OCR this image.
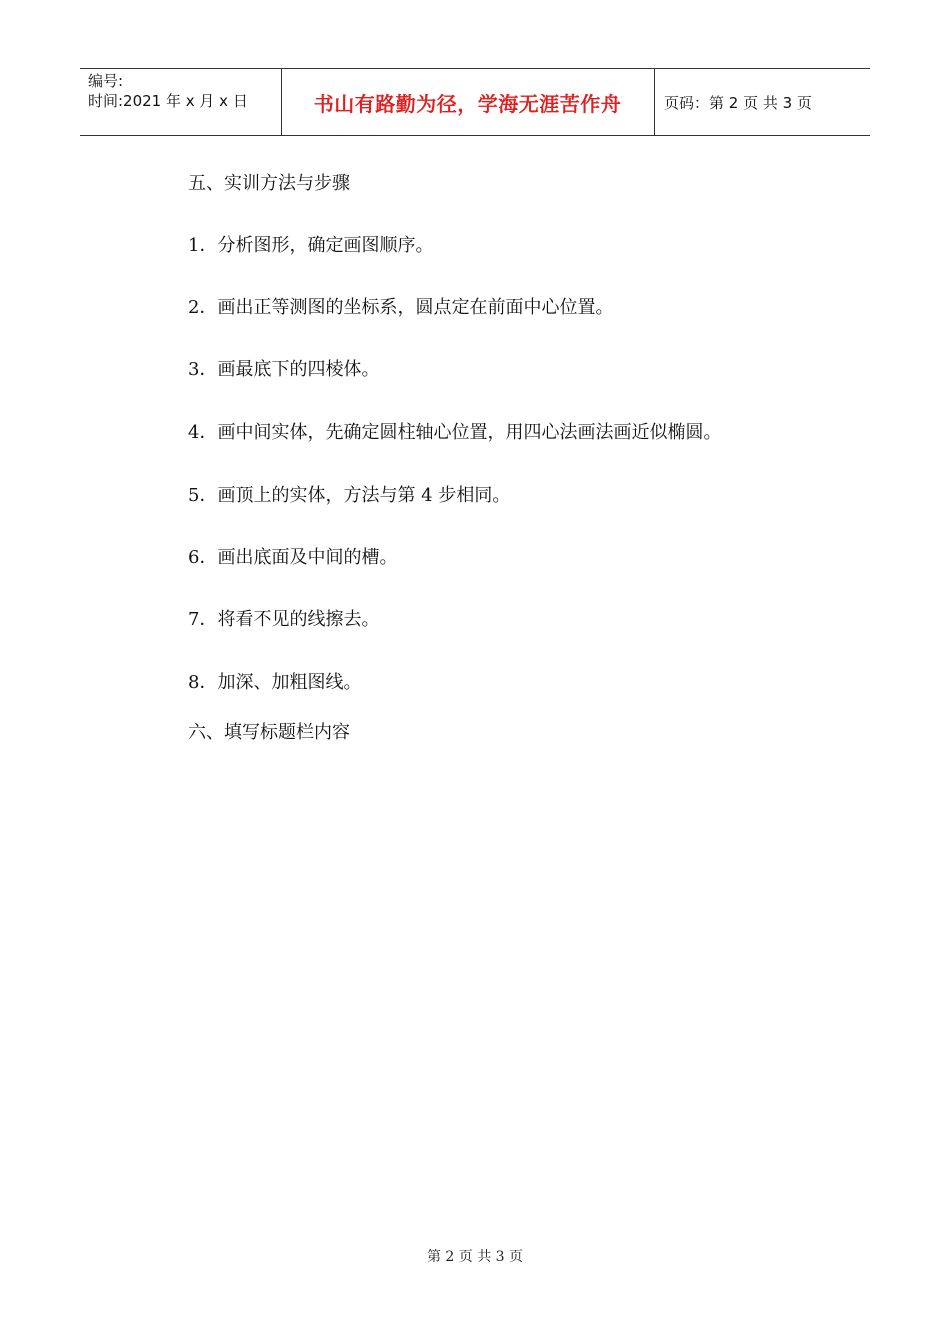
编号:
时间:2021 年 x 月 x 日	书山有路勤为径，学海无涯苦作舟	页码：第 2 页 共 3 页
五、实训方法与步骤
1．分析图形，确定画图顺序。
2．画出正等测图的坐标系，圆点定在前面中心位置。
3．画最底下的四棱体。
4．画中间实体，先确定圆柱轴心位置，用四心法画法画近似椭圆。
5．画顶上的实体，方法与第 4 步相同。
6．画出底面及中间的槽。
7．将看不见的线擦去。
8．加深、加粗图线。
六、填写标题栏内容
第 2 页 共 3 页
